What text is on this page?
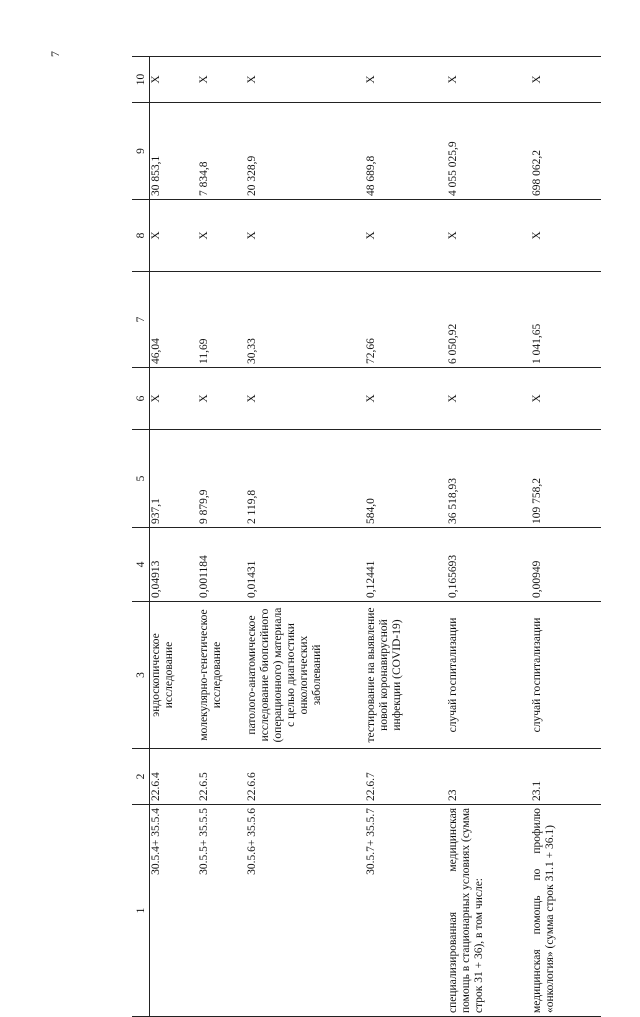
7
1	2	3	4	5	6	7	8	9	10
30.5.4+ 35.5.4	22.6.4	эндоскопическое исследование	0,04913	937,1	Х	46,04	Х	30 853,1	Х
30.5.5+ 35.5.5	22.6.5	молекулярно-генетическое исследование	0,001184	9 879,9	Х	11,69	Х	7 834,8	Х
30.5.6+ 35.5.6	22.6.6	патолого-анатомическое исследование биопсийного (операционного) материала с целью диагностики онкологических заболеваний	0,01431	2 119,8	Х	30,33	Х	20 328,9	Х
30.5.7+ 35.5.7	22.6.7	тестирование на выявление новой коронавирусной инфекции (COVID-19)	0,12441	584,0	Х	72,66	Х	48 689,8	Х
специализированная медицинская помощь в стационарных условиях (сумма строк 31 + 36), в том числе:	23	случай госпитализации	0,165693	36 518,93	Х	6 050,92	Х	4 055 025,9	Х
медицинская помощь по профилю «онкология» (сумма строк 31.1 + 36.1)	23.1	случай госпитализации	0,00949	109 758,2	Х	1 041,65	Х	698 062,2	Х
